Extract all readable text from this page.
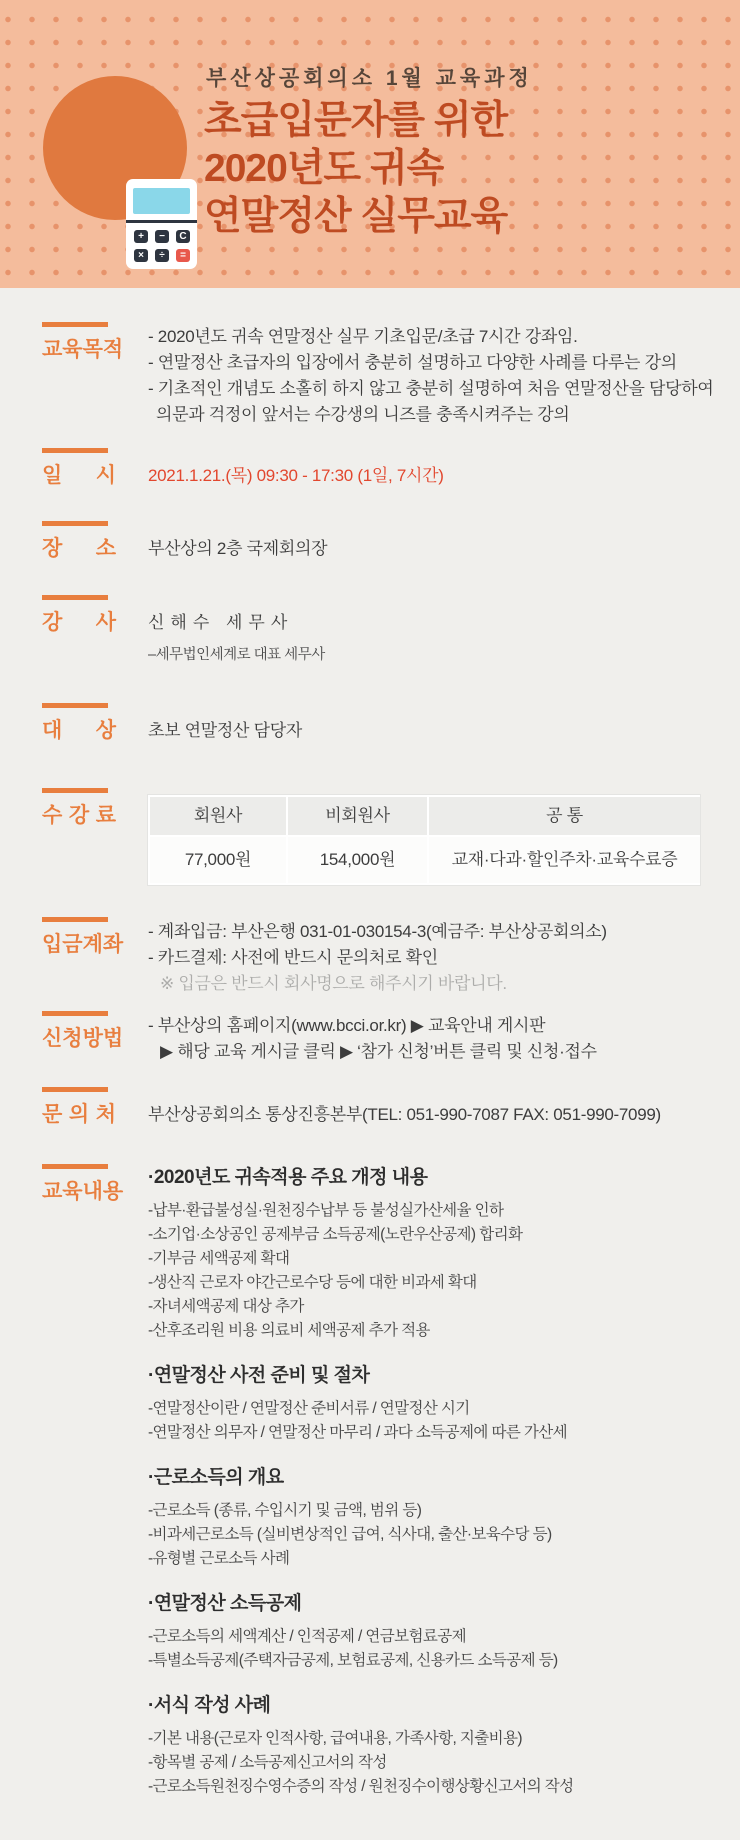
+	−	C
×	÷	=
부산상공회의소 1월 교육과정
초급입문자를 위한
2020년도 귀속
연말정산 실무교육
교육목적
- 2020년도 귀속 연말정산 실무 기초입문/초급 7시간 강좌임.
- 연말정산 초급자의 입장에서 충분히 설명하고 다양한 사례를 다루는 강의
- 기초적인 개념도 소홀히 하지 않고 충분히 설명하여 처음 연말정산을 담당하여
의문과 걱정이 앞서는 수강생의 니즈를 충족시켜주는 강의
일 시 2021.1.21.(목) 09:30 - 17:30 (1일, 7시간)
장 소 부산상의 2층 국제회의장
강 사 신해수 세무사
–세무법인세계로 대표 세무사
대 상 초보 연말정산 담당자
수 강 료	회원사	비회원사	공 통
77,000원	154,000원	교재·다과·할인주차·교육수료증
입금계좌
- 계좌입금: 부산은행 031-01-030154-3(예금주: 부산상공회의소)
- 카드결제: 사전에 반드시 문의처로 확인
※ 입금은 반드시 회사명으로 해주시기 바랍니다.
신청방법
- 부산상의 홈페이지(www.bcci.or.kr) ▶ 교육안내 게시판
▶ 해당 교육 게시글 클릭 ▶ ‘참가 신청’버튼 클릭 및 신청·접수
문 의 처 부산상공회의소 통상진흥본부(TEL: 051-990-7087 FAX: 051-990-7099)
교육내용
·2020년도 귀속적용 주요 개정 내용
-납부·환급불성실·원천징수납부 등 불성실가산세율 인하
-소기업·소상공인 공제부금 소득공제(노란우산공제) 합리화
-기부금 세액공제 확대
-생산직 근로자 야간근로수당 등에 대한 비과세 확대
-자녀세액공제 대상 추가
-산후조리원 비용 의료비 세액공제 추가 적용
·연말정산 사전 준비 및 절차
-연말정산이란 / 연말정산 준비서류 / 연말정산 시기
-연말정산 의무자 / 연말정산 마무리 / 과다 소득공제에 따른 가산세
·근로소득의 개요
-근로소득 (종류, 수입시기 및 금액, 범위 등)
-비과세근로소득 (실비변상적인 급여, 식사대, 출산·보육수당 등)
-유형별 근로소득 사례
·연말정산 소득공제
-근로소득의 세액계산 / 인적공제 / 연금보험료공제
-특별소득공제(주택자금공제, 보험료공제, 신용카드 소득공제 등)
·서식 작성 사례
-기본 내용(근로자 인적사항, 급여내용, 가족사항, 지출비용)
-항목별 공제 / 소득공제신고서의 작성
-근로소득원천징수영수증의 작성 / 원천징수이행상황신고서의 작성
